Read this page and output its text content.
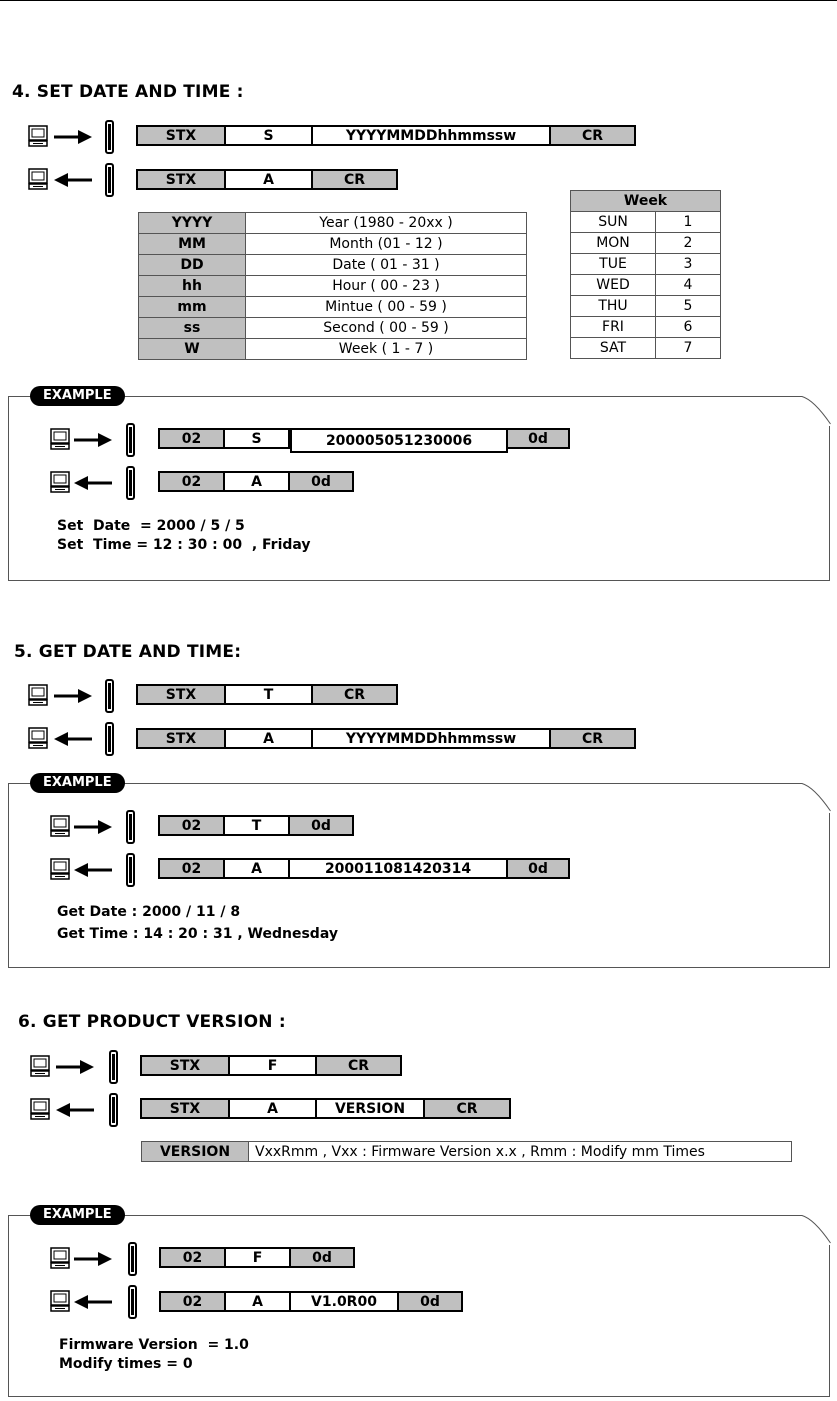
4. SET DATE AND TIME :
STX	S	YYYYMMDDhhmmssw	CR
STX	A	CR
YYYY	Year (1980 - 20xx )
MM	Month (01 - 12 )
DD	Date ( 01 - 31 )
hh	Hour ( 00 - 23 )
mm	Mintue ( 00 - 59 )
ss	Second ( 00 - 59 )
W	Week ( 1 - 7 )
Week	
SUN	1
MON	2
TUE	3
WED	4
THU	5
FRI	6
SAT	7
EXAMPLE
02	S	200005051230006	0d
02	A	0d
Set  Date  = 2000 / 5 / 5
Set  Time = 12 : 30 : 00  , Friday
5. GET DATE AND TIME:
STX	T	CR
STX	A	YYYYMMDDhhmmssw	CR
EXAMPLE
02	T	0d
02	A	200011081420314	0d
Get Date : 2000 / 11 / 8
Get Time : 14 : 20 : 31 , Wednesday
6. GET PRODUCT VERSION :
STX	F	CR
STX	A	VERSION	CR
VERSION	VxxRmm , Vxx : Firmware Version x.x , Rmm : Modify mm Times
EXAMPLE
02	F	0d
02	A	V1.0R00	0d
Firmware Version  = 1.0
Modify times = 0
